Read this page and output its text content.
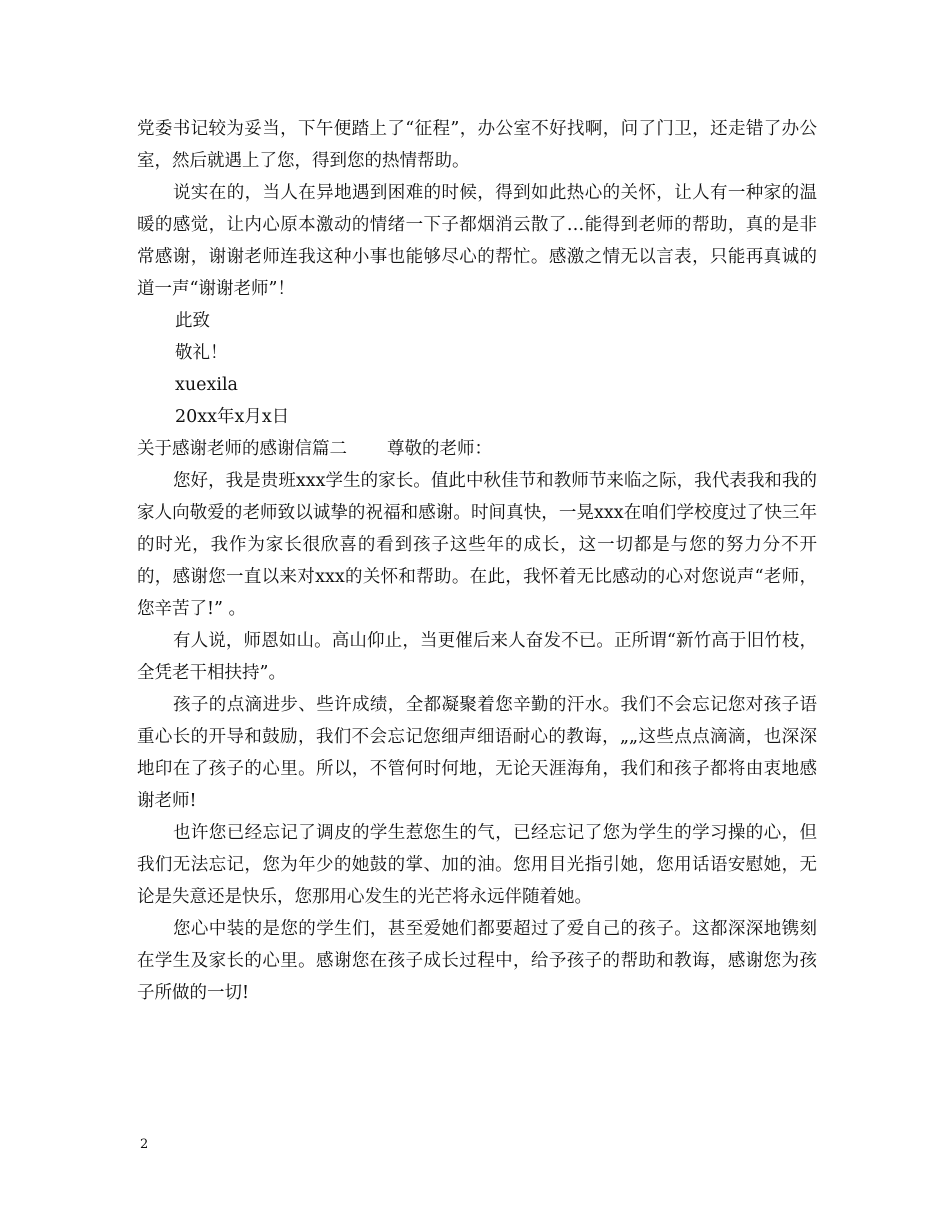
党委书记较为妥当，下午便踏上了“征程”，办公室不好找啊，问了门卫，还走错了办公室，然后就遇上了您，得到您的热情帮助。

说实在的，当人在异地遇到困难的时候，得到如此热心的关怀，让人有一种家的温暖的感觉，让内心原本激动的情绪一下子都烟消云散了…能得到老师的帮助，真的是非常感谢，谢谢老师连我这种小事也能够尽心的帮忙。感激之情无以言表，只能再真诚的道一声“谢谢老师”！

此致

敬礼！

xuexila

20xx年x月x日

关于感谢老师的感谢信篇二 尊敬的老师：

您好，我是贵班xxx学生的家长。值此中秋佳节和教师节来临之际，我代表我和我的家人向敬爱的老师致以诚挚的祝福和感谢。时间真快，一晃xxx在咱们学校度过了快三年的时光，我作为家长很欣喜的看到孩子这些年的成长，这一切都是与您的努力分不开的，感谢您一直以来对xxx的关怀和帮助。在此，我怀着无比感动的心对您说声“老师，您辛苦了!” 。

有人说，师恩如山。高山仰止，当更催后来人奋发不已。正所谓“新竹高于旧竹枝，全凭老干相扶持”。

孩子的点滴进步、些许成绩，全都凝聚着您辛勤的汗水。我们不会忘记您对孩子语重心长的开导和鼓励，我们不会忘记您细声细语耐心的教诲，„„这些点点滴滴，也深深地印在了孩子的心里。所以，不管何时何地，无论天涯海角，我们和孩子都将由衷地感谢老师!

也许您已经忘记了调皮的学生惹您生的气，已经忘记了您为学生的学习操的心，但我们无法忘记，您为年少的她鼓的掌、加的油。您用目光指引她，您用话语安慰她，无论是失意还是快乐，您那用心发生的光芒将永远伴随着她。

您心中装的是您的学生们，甚至爱她们都要超过了爱自己的孩子。这都深深地镌刻在学生及家长的心里。感谢您在孩子成长过程中，给予孩子的帮助和教诲，感谢您为孩子所做的一切!

2
